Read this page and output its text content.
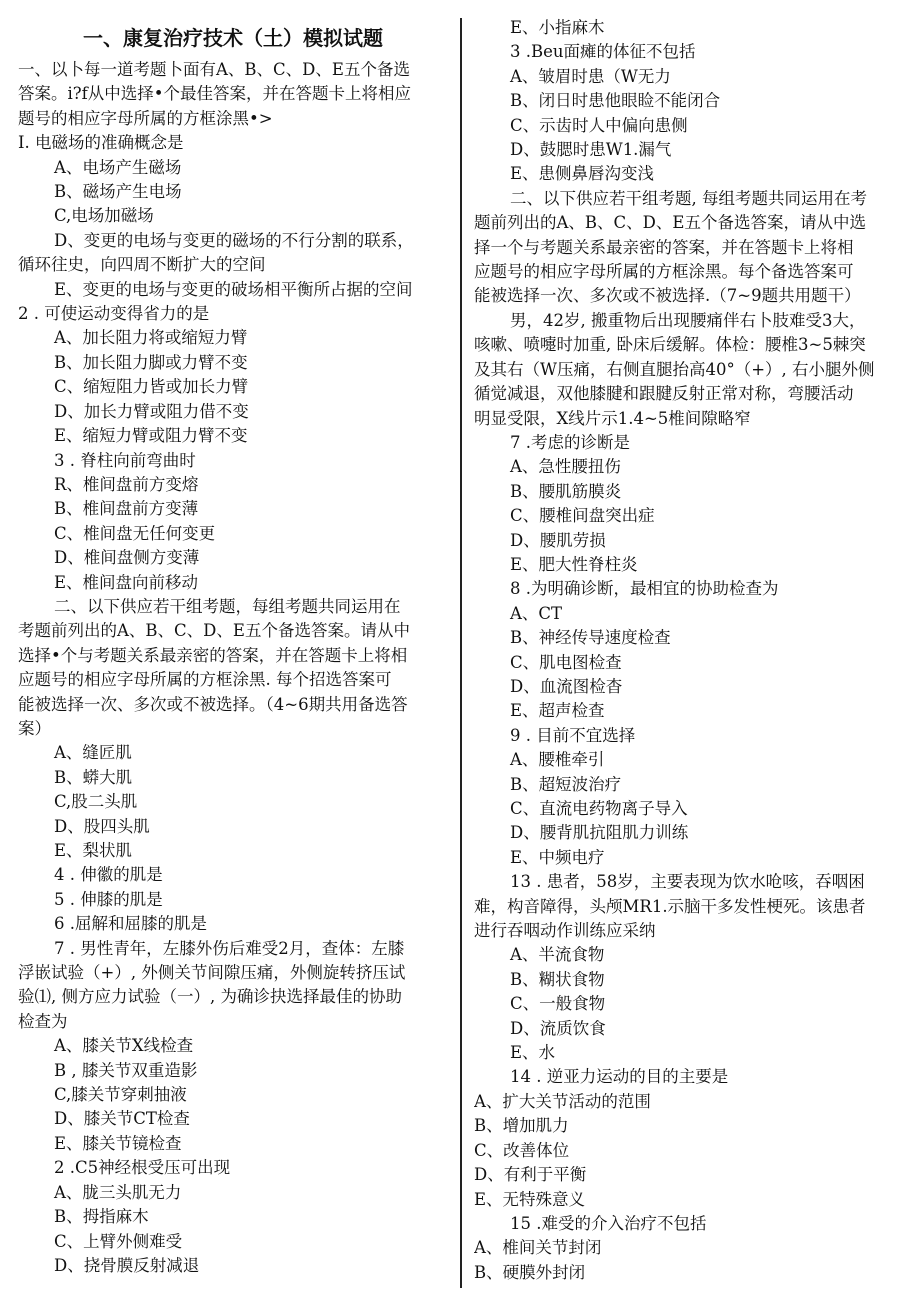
一、康复治疗技术（土）模拟试题
一、以卜每一道考题卜面有A、B、C、D、E五个备选
答案。i?f从中选择•个最佳答案，并在答题卡上将相应
题号的相应字母所属的方框涂黑•>
I. 电磁场的准确概念是
A、电场产生磁场
B、磁场产生电场
C,电场加磁场
D、变更的电场与变更的磁场的不行分割的联系，
循环往史，向四周不断扩大的空间
E、变更的电场与变更的破场相平衡所占据的空间
2 . 可使运动变得省力的是
A、加长阻力将或缩短力臂
B、加长阻力脚或力臂不变
C、缩短阻力皆或加长力臂
D、加长力臂或阻力借不变
E、缩短力臂或阻力臂不变
3 . 脊柱向前弯曲时
R、椎间盘前方变熔
B、椎间盘前方变薄
C、椎间盘无任何变更
D、椎间盘侧方变薄
E、椎间盘向前移动
二、以下供应若干组考题，每组考题共同运用在
考题前列出的A、B、C、D、E五个备选答案。请从中
选择•个与考题关系最亲密的答案，并在答题卡上将相
应题号的相应字母所属的方框涂黑. 每个招选答案可
能被选择一次、多次或不被选择。（4~6期共用备选答
案）
A、缝匠肌
B、蟒大肌
C,股二头肌
D、股四头肌
E、梨状肌
4 . 伸徽的肌是
5 . 伸膝的肌是
6 .屈解和屈膝的肌是
7 . 男性青年，左膝外伤后难受2月，查体：左膝
浮嵌试验（+）, 外侧关节间隙压痛，外侧旋转挤压试
验⑴, 侧方应力试验（一）, 为确诊抉选择最佳的协助
检查为
A、膝关节X线检查
B , 膝关节双重造影
C,膝关节穿刺抽液
D、膝关节CT检查
E、膝关节镜检查
2 .C5神经根受压可出现
A、胧三头肌无力
B、拇指麻木
C、上臂外侧难受
D、挠骨膜反射减退
E、小指麻木
3 .Beu面瘫的体征不包括
A、皱眉时患（W无力
B、闭日时患他眼睑不能闭合
C、示齿时人中偏向患侧
D、鼓腮时患W1.漏气
E、患侧鼻唇沟变浅
二、以下供应若干组考题, 每组考题共同运用在考
题前列出的A、B、C、D、E五个备选答案，请从中选
择一个与考题关系最亲密的答案，并在答题卡上将相
应题号的相应字母所属的方框涂黑。每个备选答案可
能被选择一次、多次或不被选择.（7~9题共用题干）
男，42岁, 搬重物后出现腰痛伴右卜肢难受3大，
咳嗽、喷嚏时加重, 卧床后缓解。体检：腰椎3~5棘突
及其右（W压痛，右侧直腿抬高40°（+）, 右小腿外侧
循觉减退，双他膝腱和跟腱反射正常对称，弯腰活动
明显受限，X线片示1.4~5椎间隙略窄
7 .考虑的诊断是
A、急性腰扭伤
B、腰肌筋膜炎
C、腰椎间盘突出症
D、腰肌劳损
E、肥大性脊柱炎
8 .为明确诊断，最相宜的协助检查为
A、CT
B、神经传导速度检查
C、肌电图检查
D、血流图检杳
E、超声检查
9 . 目前不宜选择
A、腰椎牵引
B、超短波治疗
C、直流电药物离子导入
D、腰背肌抗阻肌力训练
E、中频电疗
13 . 患者，58岁，主要表现为饮水呛咳，吞咽困
难，构音障得，头颅MR1.示脑干多发性梗死。该患者
进行吞咽动作训练应采纳
A、半流食物
B、糊状食物
C、一般食物
D、流质饮食
E、水
14 . 逆亚力运动的目的主要是
A、扩大关节活动的范围
B、增加肌力
C、改善体位
D、有利于平衡
E、无特殊意义
15 .难受的介入治疗不包括
A、椎间关节封闭
B、硬膜外封闭
